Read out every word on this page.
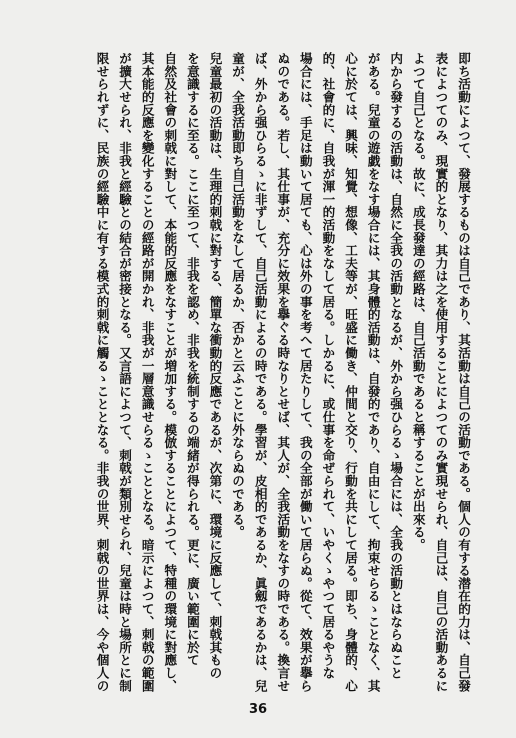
即ち活動によつて、發展するものは自己であり、其活動は自己の活動である。個人の有する潜在的力は、自己發
表によつてのみ、現實的となり、其力は之を使用することによつてのみ實現せられ、自己は、自己の活動あるに
よつて自己となる。故に、成長發達の經路は、自己活動であると稱することが出來る。
内から發するの活動は、自然に全我の活動となるが、外から强ひらるゝ場合には、全我の活動とはならぬこと
がある。兒童の遊戯をなす場合には、其身體的活動は、自發的であり、自由にして、拘束せらるゝことなく、其
心に於ては、興味、知覺、想像、工夫等が、旺盛に働き、仲間と交り、行動を共にして居る。即ち、身體的、心
的、社會的に、自我が渾一的活動をなして居る。しかるに、或仕事を命ぜられて、いやくゝやつて居るやうな
場合には、手足は動いて居ても、心は外の事を考へて居たりして、我の全部が働いて居らぬ。從て、效果が擧ら
ぬのである。若し、其仕事が、充分に效果を擧ぐる時なりとせば、其人が、全我活動をなすの時である。換言せ
ば、外から强ひらるゝに非ずして、自己活動によるの時である。學習が、皮相的であるか、眞劔であるかは、兒
童が、全我活動即ち自己活動をなして居るか、否かと云ふことに外ならぬのである。
兒童最初の活動は、生理的刺戟に對する、簡單な衝動的反應であるが、次第に、環境に反應して、刺戟其もの
を意識するに至る。ここに至つて、非我を認め、非我を統制するの端緒が得られる。更に、廣い範圍に於て
自然及社會の刺戟に對して、本能的反應をなすことが増加する。模倣することによつて、特種の環境に對應し、
其本能的反應を變化することの經路が開かれ、非我が一層意識せらるゝこととなる。暗示によつて、刺戟の範圍
が擴大せられ、非我と經驗との結合が密接となる。又言語によつて、刺戟が類別せられ、兒童は時と場所とに制
限せられずに、民族の經驗中に有する模式的刺戟に觸るゝこととなる。非我の世界、刺戟の世界は、今や個人の
36
